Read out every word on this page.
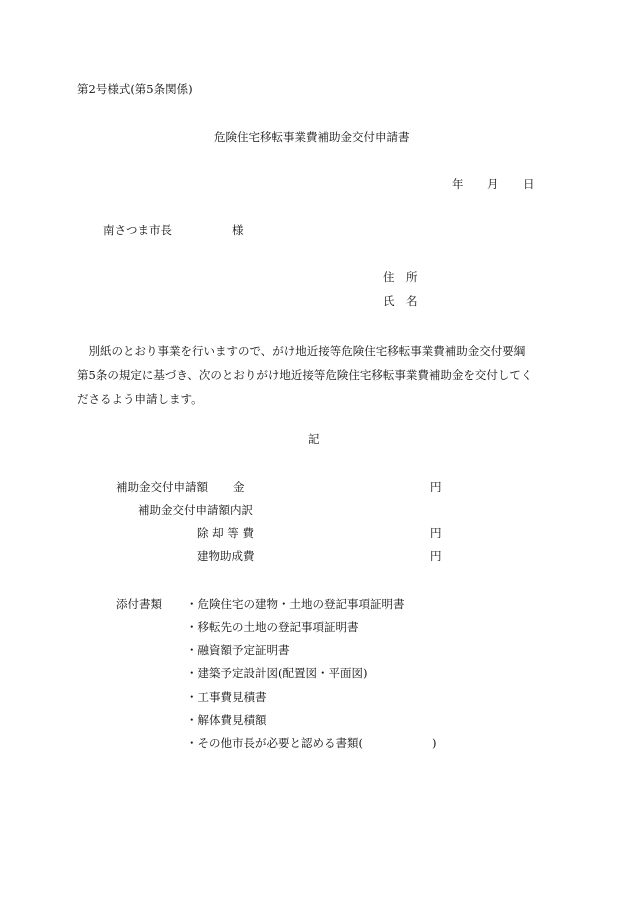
第2号様式(第5条関係)
危険住宅移転事業費補助金交付申請書
年 月 日
南さつま市長	様
住　所
氏　名
　別紙のとおり事業を行いますので、がけ地近接等危険住宅移転事業費補助金交付要綱
第5条の規定に基づき、次のとおりがけ地近接等危険住宅移転事業費補助金を交付してく
ださるよう申請します。
記
補助金交付申請額 金	円
補助金交付申請額内訳
除 却 等 費	円
建物助成費	円
添付書類 ・危険住宅の建物・土地の登記事項証明書
・移転先の土地の登記事項証明書
・融資額予定証明書
・建築予定設計図(配置図・平面図)
・工事費見積書
・解体費見積額
・その他市長が必要と認める書類(　　　　　　)
